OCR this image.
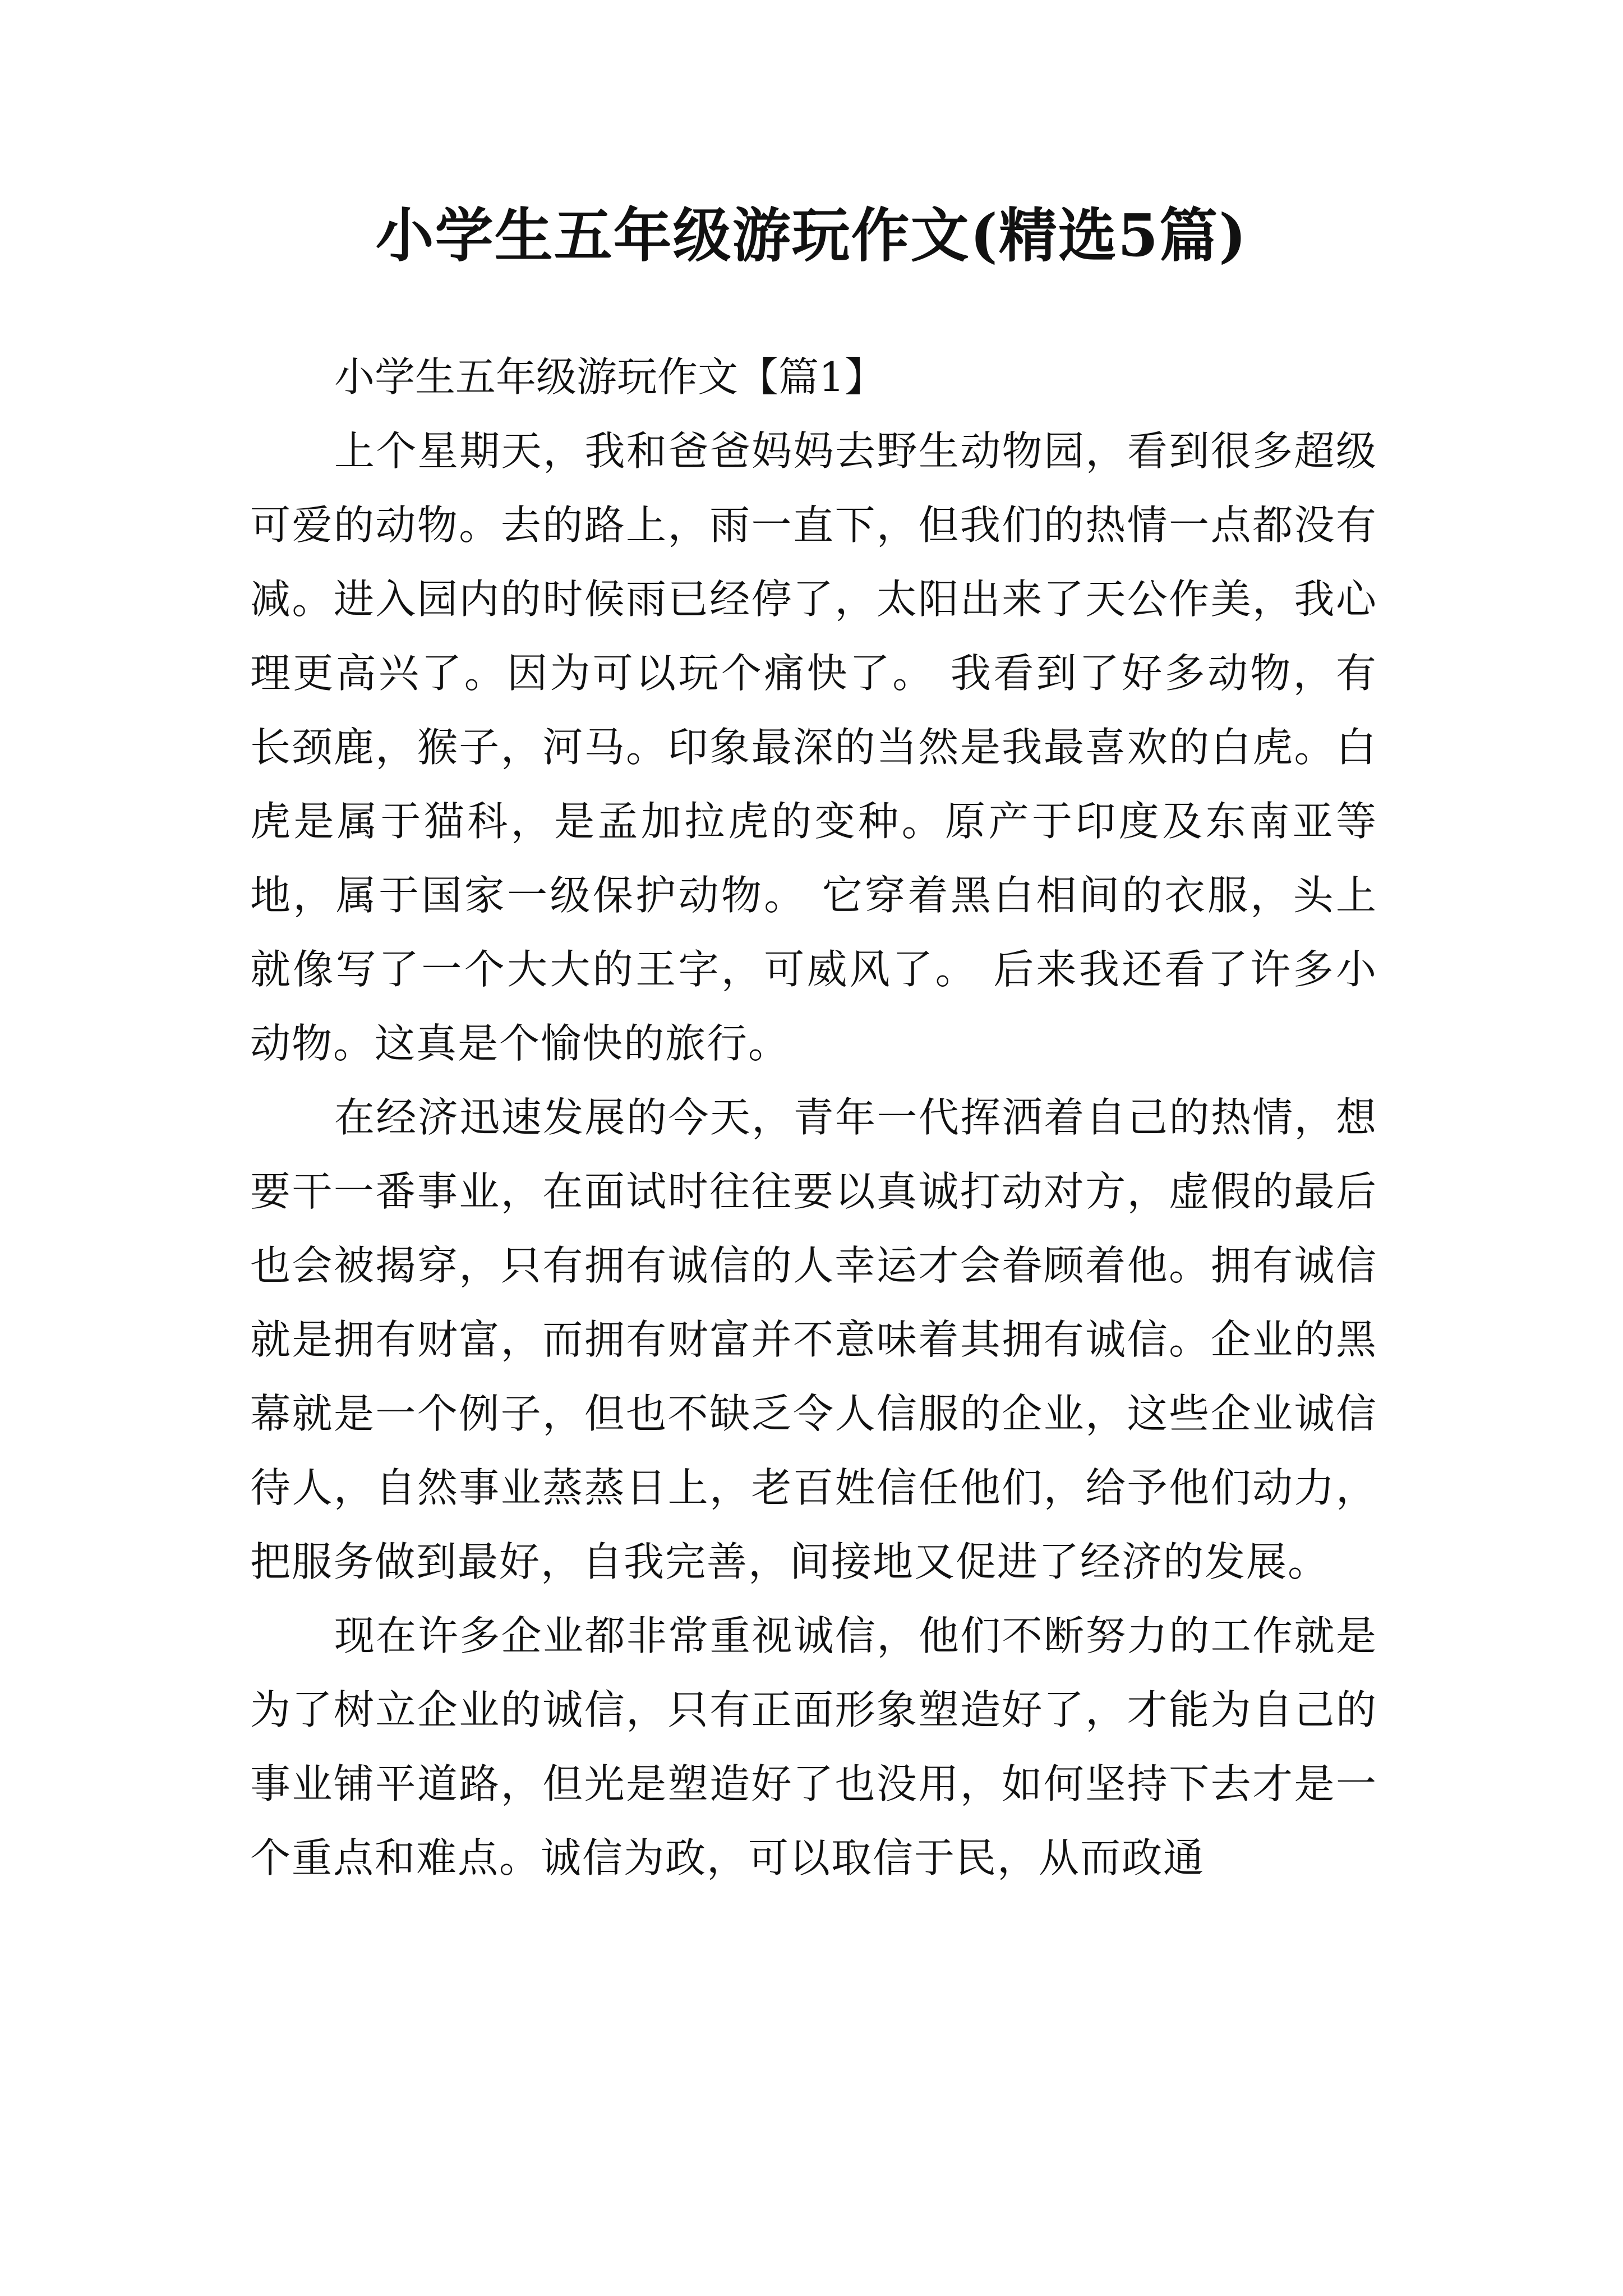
小学生五年级游玩作文(精选5篇)

小学生五年级游玩作文【篇1】

上个星期天，我和爸爸妈妈去野生动物园，看到很多超级可爱的动物。去的路上，雨一直下，但我们的热情一点都没有减。进入园内的时候雨已经停了，太阳出来了天公作美，我心理更高兴了。因为可以玩个痛快了。 我看到了好多动物，有长颈鹿，猴子，河马。印象最深的当然是我最喜欢的白虎。白虎是属于猫科，是孟加拉虎的变种。原产于印度及东南亚等地，属于国家一级保护动物。 它穿着黑白相间的衣服，头上就像写了一个大大的王字，可威风了。 后来我还看了许多小动物。这真是个愉快的旅行。

在经济迅速发展的今天，青年一代挥洒着自己的热情，想要干一番事业，在面试时往往要以真诚打动对方，虚假的最后也会被揭穿，只有拥有诚信的人幸运才会眷顾着他。拥有诚信就是拥有财富，而拥有财富并不意味着其拥有诚信。企业的黑幕就是一个例子，但也不缺乏令人信服的企业，这些企业诚信待人，自然事业蒸蒸日上，老百姓信任他们，给予他们动力，把服务做到最好，自我完善，间接地又促进了经济的发展。

现在许多企业都非常重视诚信，他们不断努力的工作就是为了树立企业的诚信，只有正面形象塑造好了，才能为自己的事业铺平道路，但光是塑造好了也没用，如何坚持下去才是一个重点和难点。诚信为政，可以取信于民，从而政通
